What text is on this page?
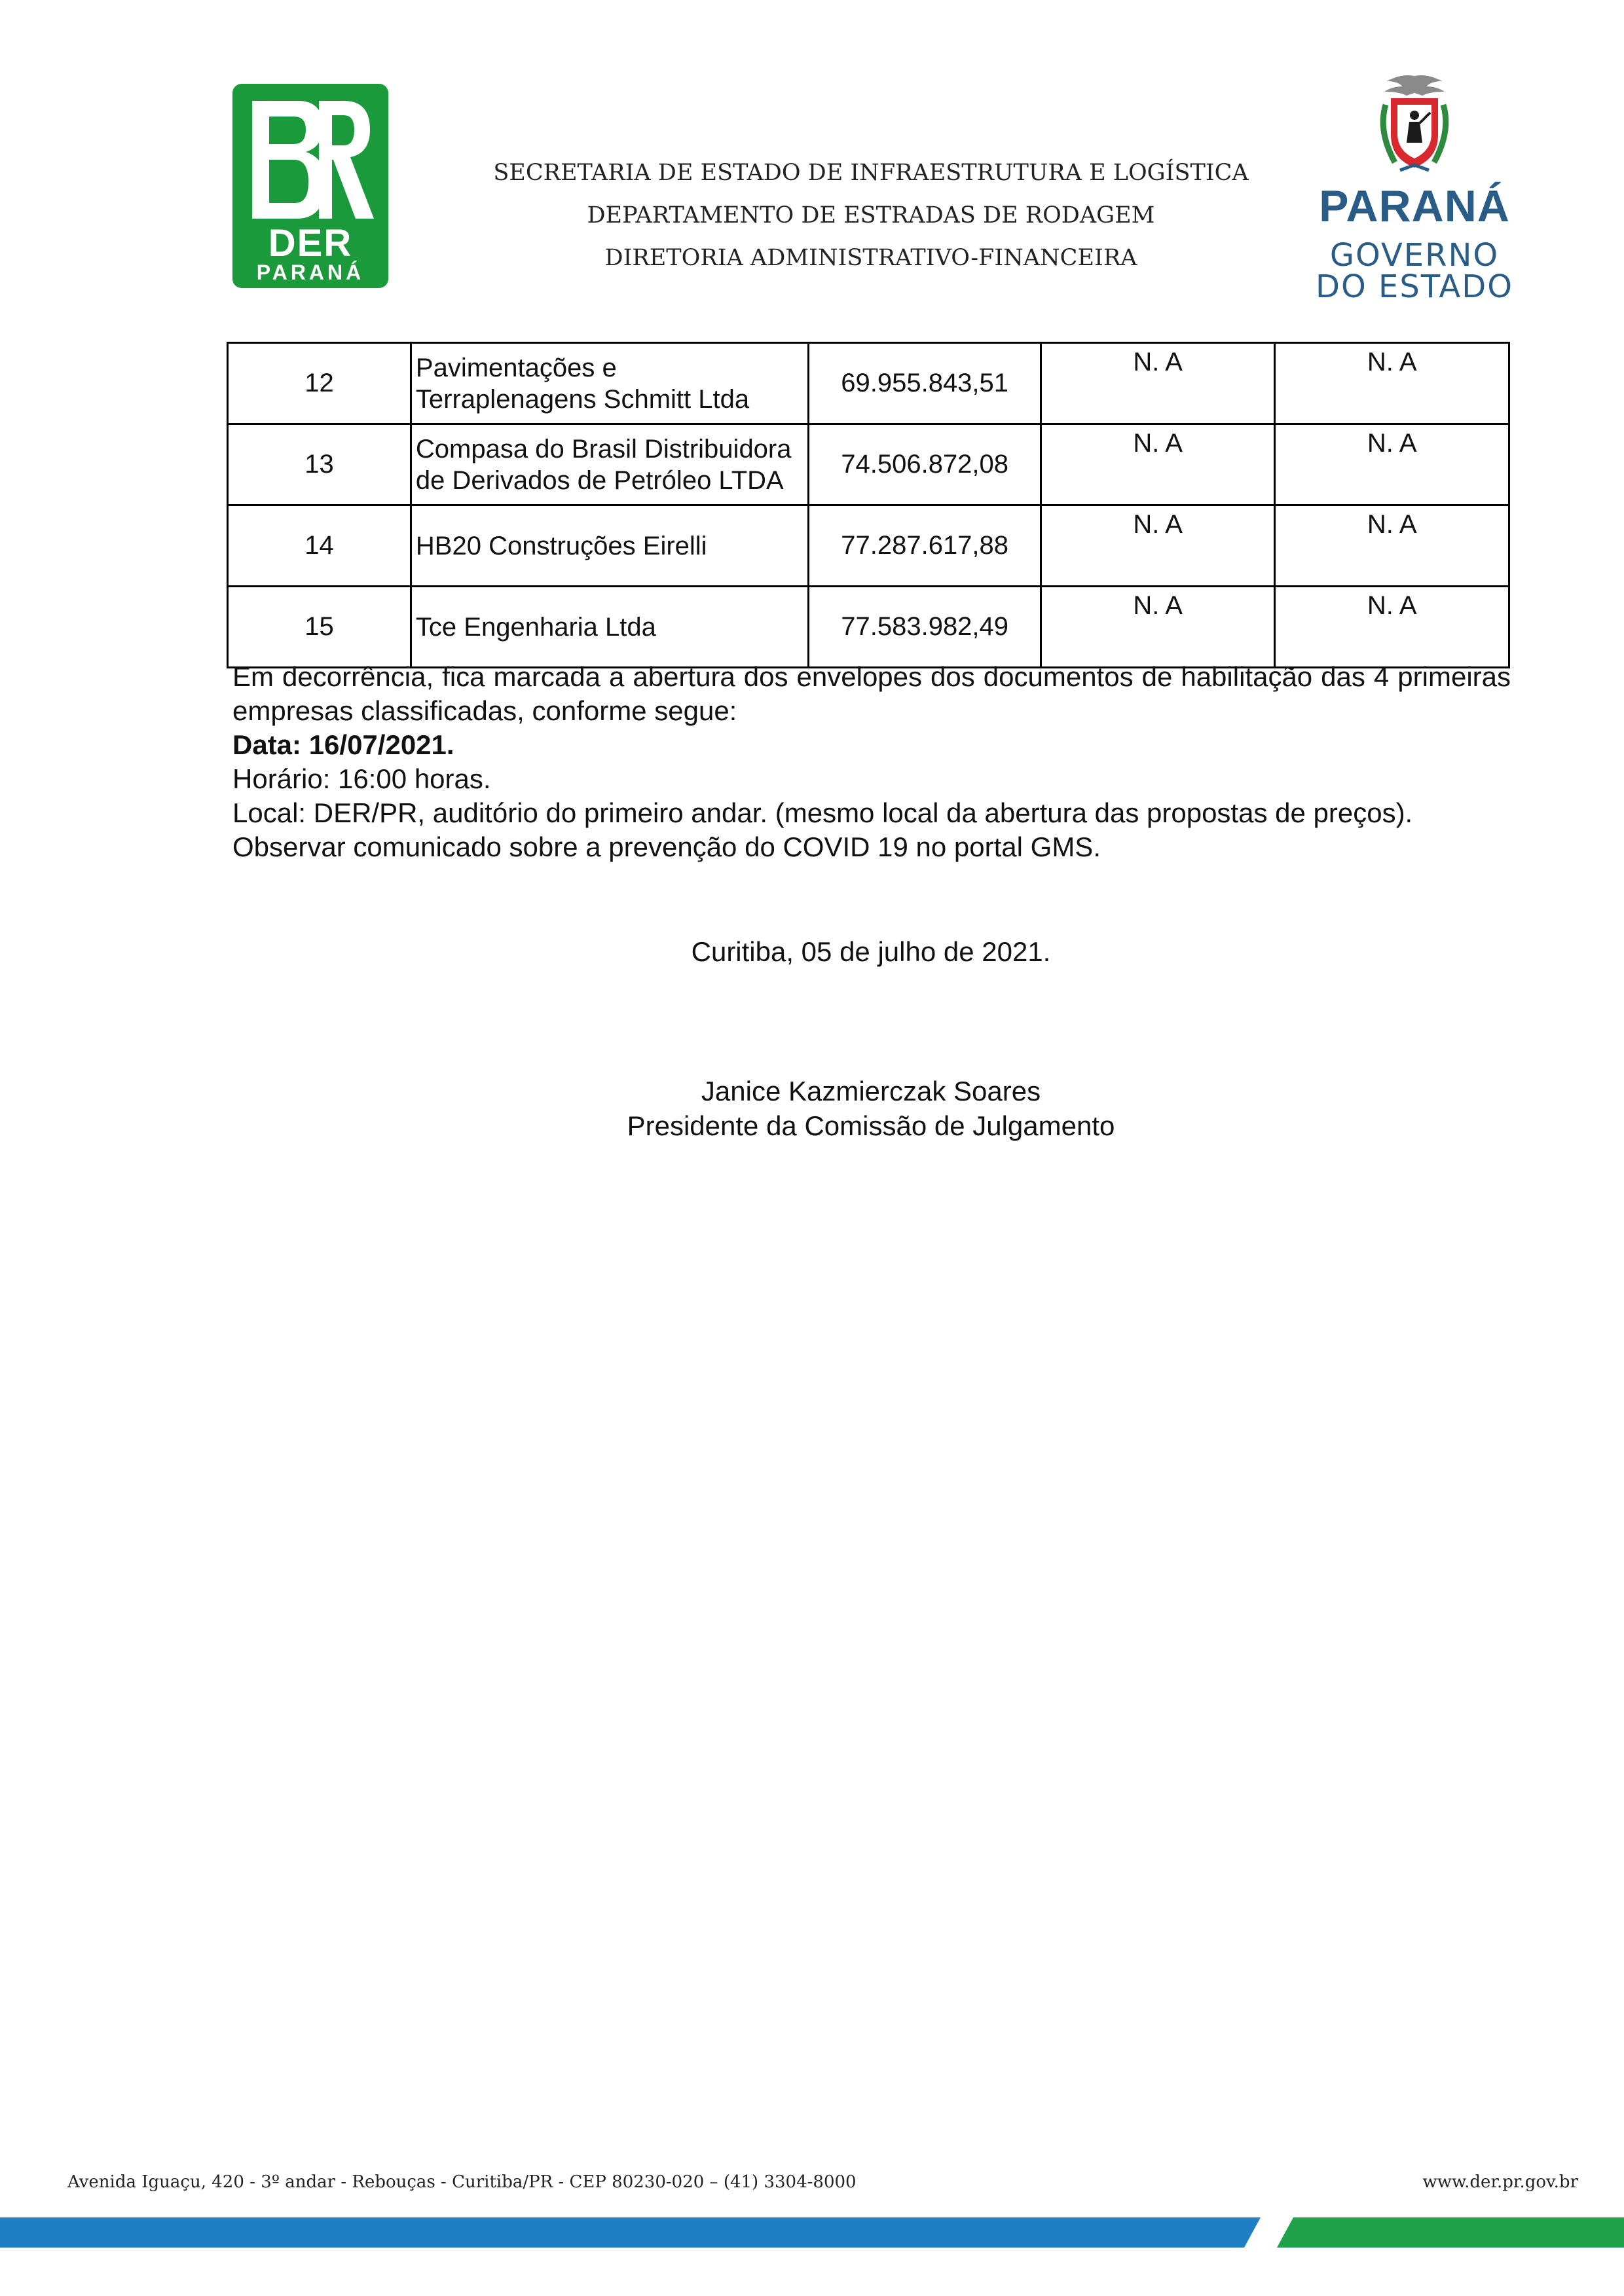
DER
PARANÁ
SECRETARIA DE ESTADO DE INFRAESTRUTURA E LOGÍSTICA
DEPARTAMENTO DE ESTRADAS DE RODAGEM
DIRETORIA ADMINISTRATIVO-FINANCEIRA
PARANÁ
GOVERNO
DO ESTADO
12	Pavimentações e Terraplenagens Schmitt Ltda	69.955.843,51	N. A	N. A
13	Compasa do Brasil Distribuidora de Derivados de Petróleo LTDA	74.506.872,08	N. A	N. A
14	HB20 Construções Eirelli	77.287.617,88	N. A	N. A
15	Tce Engenharia Ltda	77.583.982,49	N. A	N. A

Em decorrência, fica marcada a abertura dos envelopes dos documentos de habilitação das 4 primeiras empresas classificadas, conforme segue:

Data: 16/07/2021.

Horário: 16:00 horas.

Local: DER/PR, auditório do primeiro andar. (mesmo local da abertura das propostas de preços).

Observar comunicado sobre a prevenção do COVID 19 no portal GMS.

Curitiba, 05 de julho de 2021.
Janice Kazmierczak Soares
Presidente da Comissão de Julgamento
Avenida Iguaçu, 420 - 3º andar - Rebouças - Curitiba/PR - CEP 80230-020 – (41) 3304-8000	www.der.pr.gov.br
